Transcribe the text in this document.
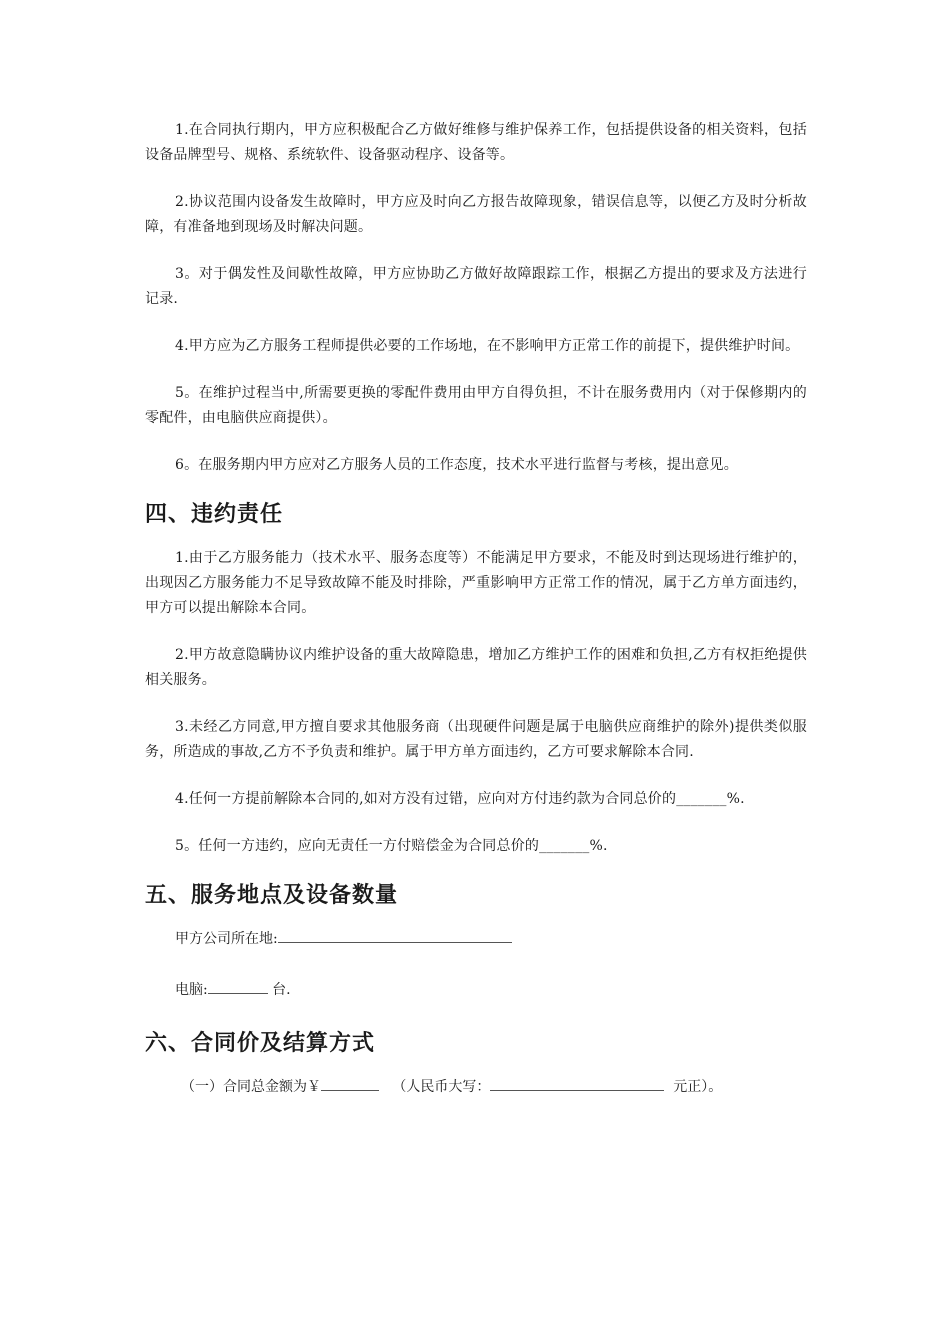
1.在合同执行期内，甲方应积极配合乙方做好维修与维护保养工作，包括提供设备的相关资料，包括设备品牌型号、规格、系统软件、设备驱动程序、设备等。

2.协议范围内设备发生故障时，甲方应及时向乙方报告故障现象，错误信息等，以便乙方及时分析故障，有准备地到现场及时解决问题。

3。对于偶发性及间歇性故障，甲方应协助乙方做好故障跟踪工作，根据乙方提出的要求及方法进行记录.

4.甲方应为乙方服务工程师提供必要的工作场地，在不影响甲方正常工作的前提下，提供维护时间。

5。在维护过程当中,所需要更换的零配件费用由甲方自得负担，不计在服务费用内（对于保修期内的零配件，由电脑供应商提供）。

6。在服务期内甲方应对乙方服务人员的工作态度，技术水平进行监督与考核，提出意见。

四、违约责任

1.由于乙方服务能力（技术水平、服务态度等）不能满足甲方要求，不能及时到达现场进行维护的，出现因乙方服务能力不足导致故障不能及时排除，严重影响甲方正常工作的情况，属于乙方单方面违约，甲方可以提出解除本合同。

2.甲方故意隐瞒协议内维护设备的重大故障隐患，增加乙方维护工作的困难和负担,乙方有权拒绝提供相关服务。

3.未经乙方同意,甲方擅自要求其他服务商（出现硬件问题是属于电脑供应商维护的除外)提供类似服务，所造成的事故,乙方不予负责和维护。属于甲方单方面违约，乙方可要求解除本合同.

4.任何一方提前解除本合同的,如对方没有过错，应向对方付违约款为合同总价的_______%.

5。任何一方违约，应向无责任一方付赔偿金为合同总价的_______%.

五、服务地点及设备数量
甲方公司所在地:
电脑:	台.
六、合同价及结算方式
（一）合同总金额为￥	（人民币大写：	元正）。
